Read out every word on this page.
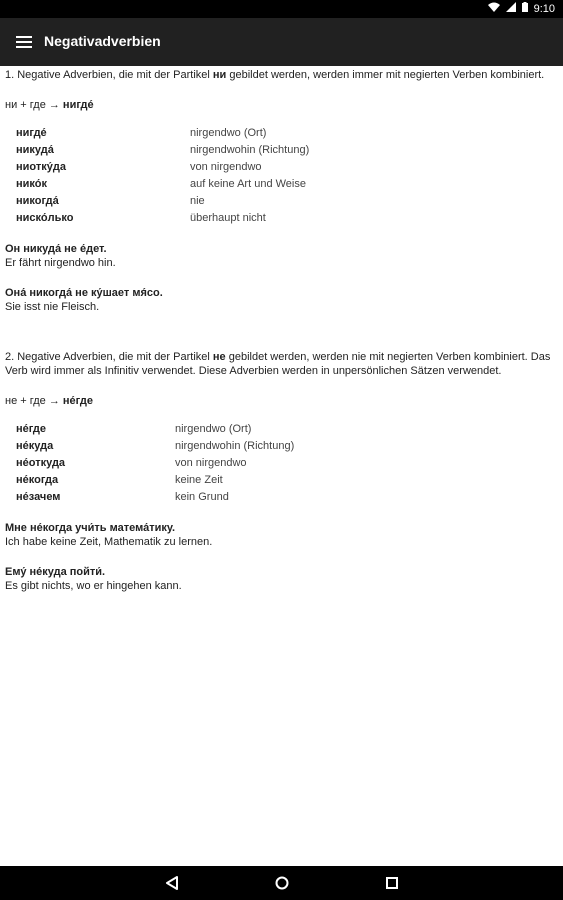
9:10
Negativadverbien

1. Negative Adverbien, die mit der Partikel ни gebildet werden, werden immer mit negierten Verben kombiniert.

ни + где → нигде́

нигде́	nirgendwo (Ort)
никуда́	nirgendwohin (Richtung)
ниотку́да	von nirgendwo
нико́к	auf keine Art und Weise
никогда́	nie
ниско́лько	überhaupt nicht

Он никуда́ не е́дет.

Er fährt nirgendwo hin.

Она́ никогда́ не ку́шает мя́со.

Sie isst nie Fleisch.

2. Negative Adverbien, die mit der Partikel не gebildet werden, werden nie mit negierten Verben kombiniert. Das Verb wird immer als Infinitiv verwendet. Diese Adverbien werden in unpersönlichen Sätzen verwendet.

не + где → не́где

не́где	nirgendwo (Ort)
не́куда	nirgendwohin (Richtung)
не́откуда	von nirgendwo
не́когда	keine Zeit
не́зачем	kein Grund

Мне не́когда учи́ть матема́тику.

Ich habe keine Zeit, Mathematik zu lernen.

Ему́ не́куда пойти́.

Es gibt nichts, wo er hingehen kann.
